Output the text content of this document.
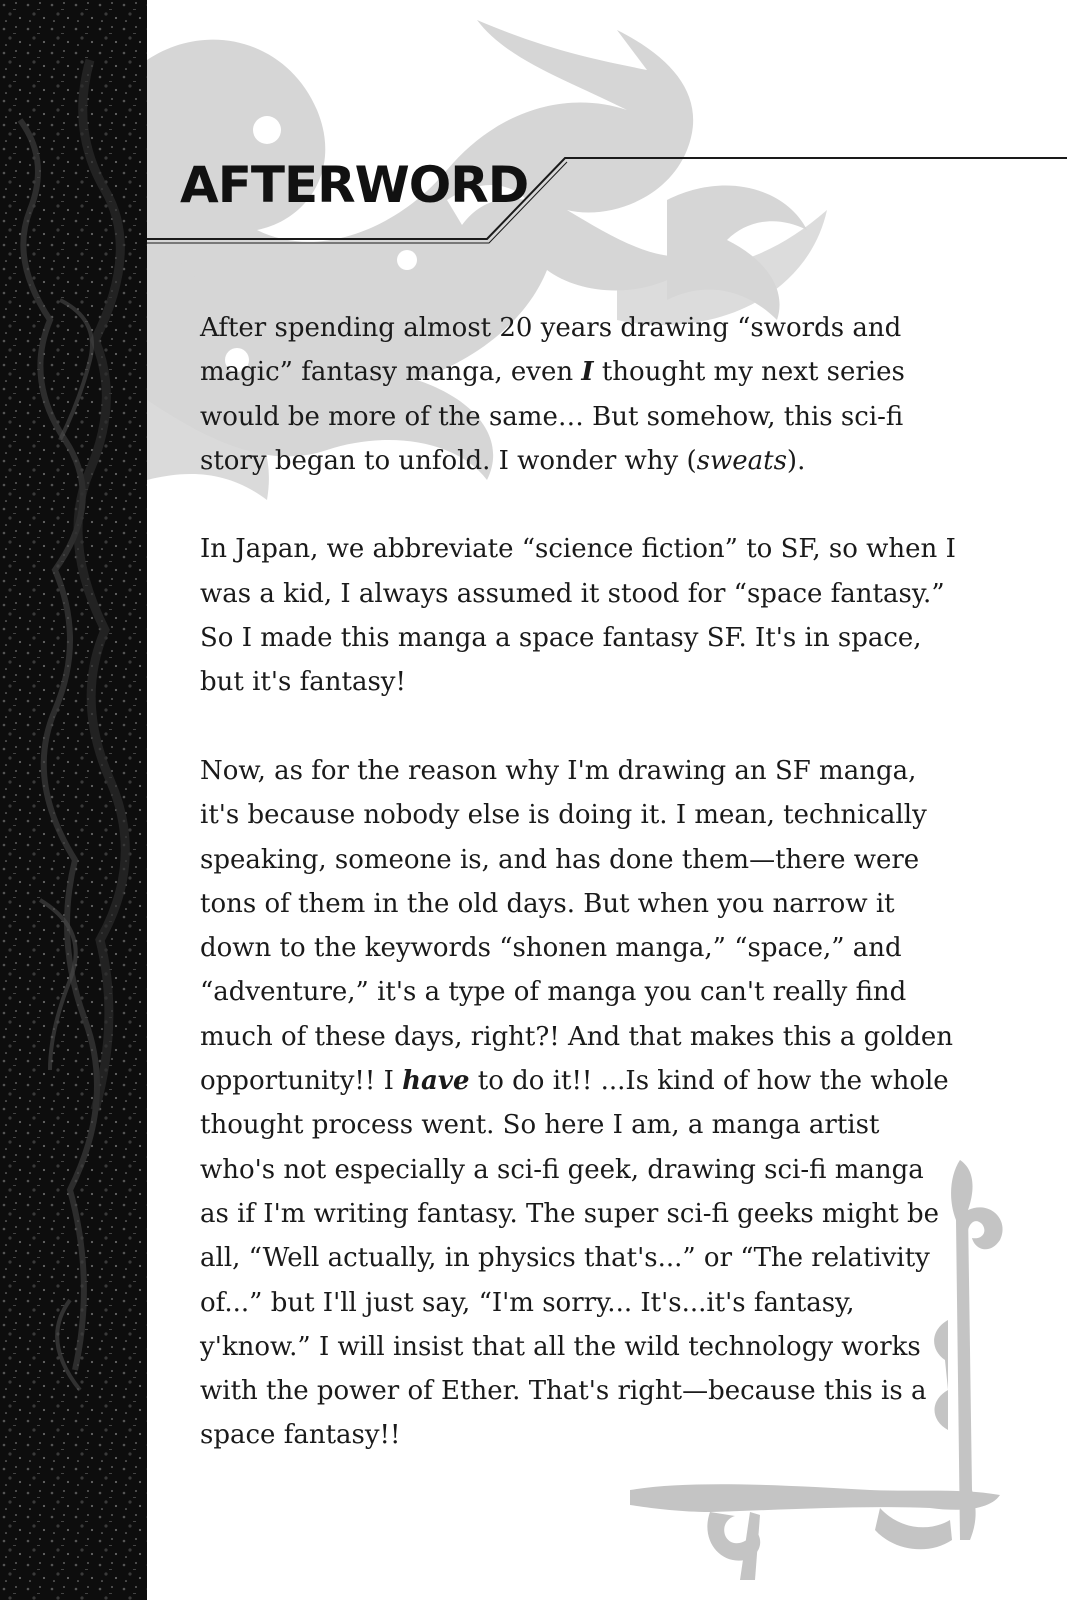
AFTERWORD

After spending almost 20 years drawing “swords and magic” fantasy manga, even I thought my next series would be more of the same… But somehow, this sci-fi story began to unfold. I wonder why (sweats).

In Japan, we abbreviate “science fiction” to SF, so when I was a kid, I always assumed it stood for “space fantasy.” So I made this manga a space fantasy SF. It's in space, but it's fantasy!

Now, as for the reason why I'm drawing an SF manga, it's because nobody else is doing it. I mean, technically speaking, someone is, and has done them—there were tons of them in the old days. But when you narrow it down to the keywords “shonen manga,” “space,” and “adventure,” it's a type of manga you can't really find much of these days, right?! And that makes this a golden opportunity!! I have to do it!! ...Is kind of how the whole thought process went. So here I am, a manga artist who's not especially a sci-fi geek, drawing sci-fi manga as if I'm writing fantasy. The super sci-fi geeks might be all, “Well actually, in physics that's...” or “The relativity of...” but I'll just say, “I'm sorry... It's...it's fantasy, y'know.” I will insist that all the wild technology works with the power of Ether. That's right—because this is a space fantasy!!
